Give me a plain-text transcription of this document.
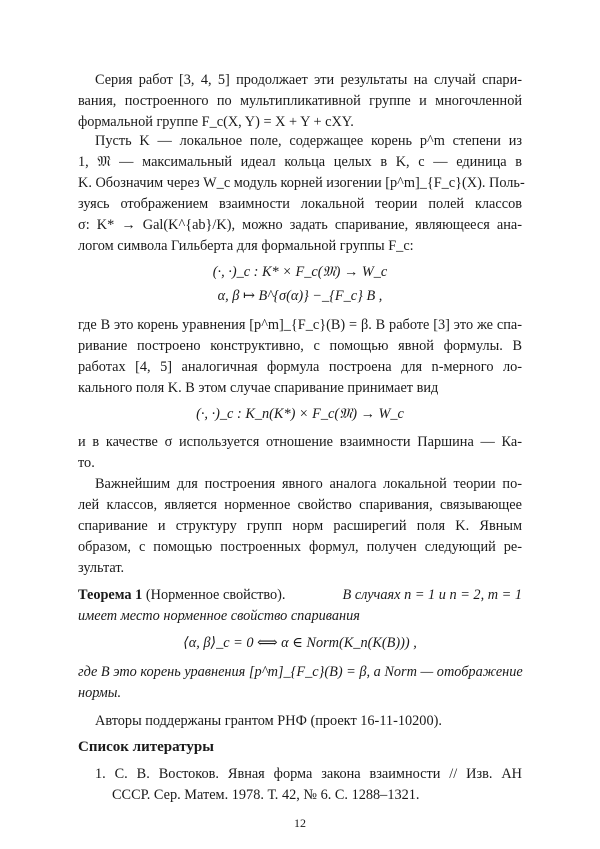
Серия работ [3, 4, 5] продолжает эти результаты на случай спари-
вания, построенного по мультипликативной группе и многочленной
формальной группе F_c(X, Y) = X + Y + cXY.
Пусть K — локальное поле, содержащее корень p^m степени из
1, 𝔐 — максимальный идеал кольца целых в K, c — единица в
K. Обозначим через W_c модуль корней изогении [p^m]_{F_c}(X). Поль-
зуясь отображением взаимности локальной теории полей классов
σ: K* → Gal(K^{ab}/K), можно задать спаривание, являющееся ана-
логом символа Гильберта для формальной группы F_c:
(·, ·)_c : K* × F_c(𝔐) → W_c
α, β ↦ B^{σ(α)} −_{F_c} B ,
где B это корень уравнения [p^m]_{F_c}(B) = β. В работе [3] это же спа-
ривание построено конструктивно, с помощью явной формулы. В
работах [4, 5] аналогичная формула построена для n-мерного ло-
кального поля K. В этом случае спаривание принимает вид
(·, ·)_c : K_n(K*) × F_c(𝔐) → W_c
и в качестве σ используется отношение взаимности Паршина — Ка-
то.
Важнейшим для построения явного аналога локальной теории по-
лей классов, является норменное свойство спаривания, связывающее
спаривание и структуру групп норм расширегий поля K. Явным
образом, с помощью построенных формул, получен следующий ре-
зультат.
Теорема 1 (Норменное свойство).	В случаях n = 1 и n = 2, m = 1
имеет место норменное свойство спаривания
⟨α, β⟩_c = 0 ⟺ α ∈ Norm(K_n(K(B))) ,
где B это корень уравнения [p^m]_{F_c}(B) = β, а Norm — отображение
нормы.
Авторы поддержаны грантом РНФ (проект 16-11-10200).
Список литературы
1. С. В. Востоков. Явная форма закона взаимности // Изв. АН
СССР. Сер. Матем. 1978. Т. 42, № 6. С. 1288–1321.
12
